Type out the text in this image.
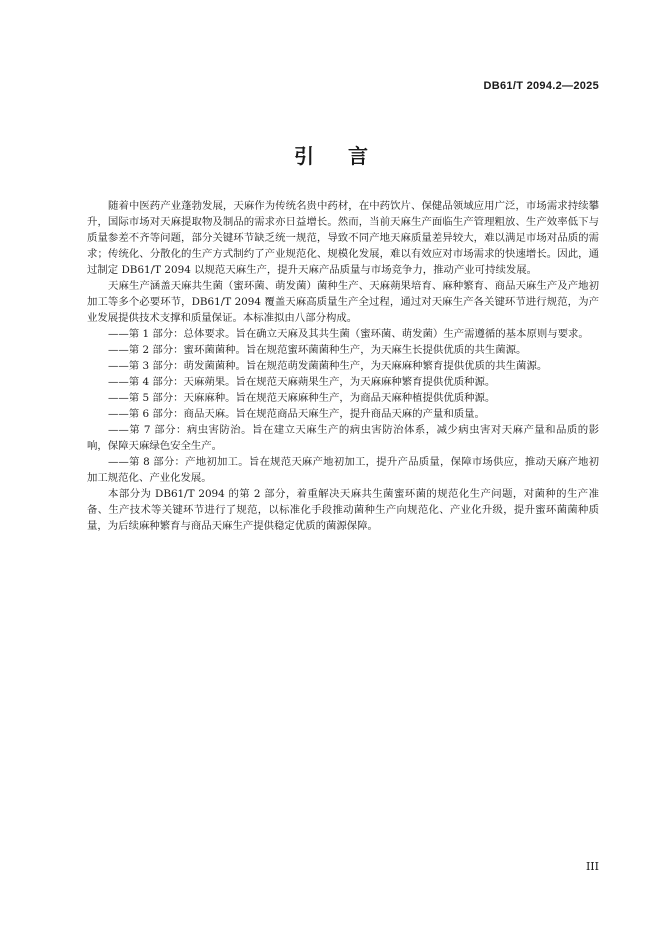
DB61/T 2094.2—2025

引言

随着中医药产业蓬勃发展，天麻作为传统名贵中药材，在中药饮片、保健品领域应用广泛，市场需求持续攀升，国际市场对天麻提取物及制品的需求亦日益增长。然而，当前天麻生产面临生产管理粗放、生产效率低下与质量参差不齐等问题，部分关键环节缺乏统一规范，导致不同产地天麻质量差异较大，难以满足市场对品质的需求；传统化、分散化的生产方式制约了产业规范化、规模化发展，难以有效应对市场需求的快速增长。因此，通过制定 DB61/T 2094 以规范天麻生产，提升天麻产品质量与市场竞争力，推动产业可持续发展。

天麻生产涵盖天麻共生菌（蜜环菌、萌发菌）菌种生产、天麻蒴果培育、麻种繁育、商品天麻生产及产地初加工等多个必要环节，DB61/T 2094 覆盖天麻高质量生产全过程，通过对天麻生产各关键环节进行规范，为产业发展提供技术支撑和质量保证。本标准拟由八部分构成。

——第 1 部分：总体要求。旨在确立天麻及其共生菌（蜜环菌、萌发菌）生产需遵循的基本原则与要求。

——第 2 部分：蜜环菌菌种。旨在规范蜜环菌菌种生产，为天麻生长提供优质的共生菌源。

——第 3 部分：萌发菌菌种。旨在规范萌发菌菌种生产，为天麻麻种繁育提供优质的共生菌源。

——第 4 部分：天麻蒴果。旨在规范天麻蒴果生产，为天麻麻种繁育提供优质种源。

——第 5 部分：天麻麻种。旨在规范天麻麻种生产，为商品天麻种植提供优质种源。

——第 6 部分：商品天麻。旨在规范商品天麻生产，提升商品天麻的产量和质量。

——第 7 部分：病虫害防治。旨在建立天麻生产的病虫害防治体系，减少病虫害对天麻产量和品质的影响，保障天麻绿色安全生产。

——第 8 部分：产地初加工。旨在规范天麻产地初加工，提升产品质量，保障市场供应，推动天麻产地初加工规范化、产业化发展。

本部分为 DB61/T 2094 的第 2 部分，着重解决天麻共生菌蜜环菌的规范化生产问题，对菌种的生产准备、生产技术等关键环节进行了规范，以标准化手段推动菌种生产向规范化、产业化升级，提升蜜环菌菌种质量，为后续麻种繁育与商品天麻生产提供稳定优质的菌源保障。

III
